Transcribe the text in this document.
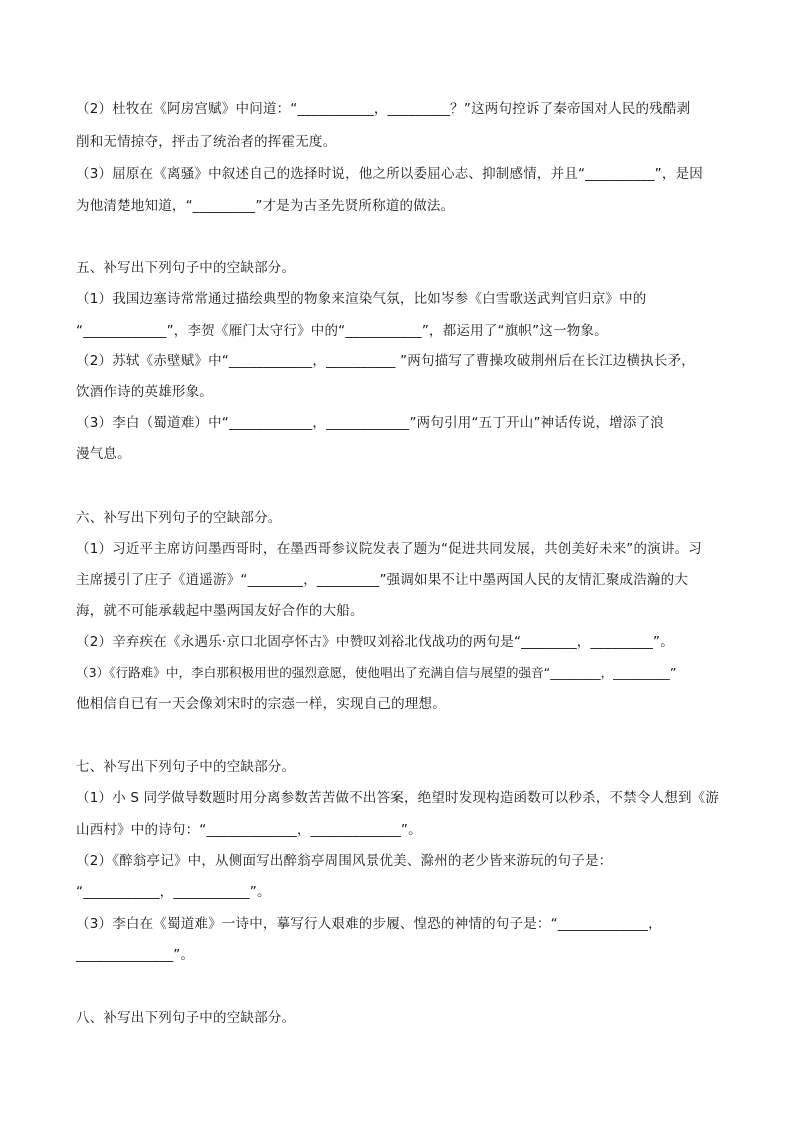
（2）杜牧在《阿房宫赋》中问道：“___________，_________？”这两句控诉了秦帝国对人民的残酷剥
削和无情掠夺，抨击了统治者的挥霍无度。
（3）屈原在《离骚》中叙述自己的选择时说，他之所以委屈心志、抑制感情，并且“__________”，是因
为他清楚地知道，“_________”才是为古圣先贤所称道的做法。
五、补写出下列句子中的空缺部分。
（1）我国边塞诗常常通过描绘典型的物象来渲染气氛，比如岑参《白雪歌送武判官归京》中的
“____________”，李贺《雁门太守行》中的“___________”，都运用了“旗帜”这一物象。
（2）苏轼《赤壁赋》中“____________，__________ ”两句描写了曹操攻破荆州后在长江边横执长矛，
饮酒作诗的英雄形象。
（3）李白（蜀道难）中“____________，____________”两句引用“五丁开山”神话传说，增添了浪
漫气息。
六、补写出下列句子的空缺部分。
（1）习近平主席访问墨西哥时，在墨西哥参议院发表了题为“促进共同发展，共创美好未来”的演讲。习
主席援引了庄子《逍遥游》“________，_________”强调如果不让中墨两国人民的友情汇聚成浩瀚的大
海，就不可能承载起中墨两国友好合作的大船。
（2）辛弃疾在《永遇乐·京口北固亭怀古》中赞叹刘裕北伐战功的两句是“________，_________”。
（3）《行路难》中，李白那积极用世的强烈意愿，使他唱出了充满自信与展望的强音“________，_________”
他相信自已有一天会像刘宋时的宗悫一样，实现自己的理想。
七、补写出下列句子中的空缺部分。
（1）小 S 同学做导数题时用分离参数苦苦做不出答案，绝望时发现构造函数可以秒杀，不禁令人想到《游
山西村》中的诗句：“_____________，_____________”。
（2）《醉翁亭记》中，从侧面写出醉翁亭周围风景优美、滁州的老少皆来游玩的句子是：
“___________，___________”。
（3）李白在《蜀道难》一诗中，摹写行人艰难的步履、惶恐的神情的句子是：“_____________，
______________”。
八、补写出下列句子中的空缺部分。
